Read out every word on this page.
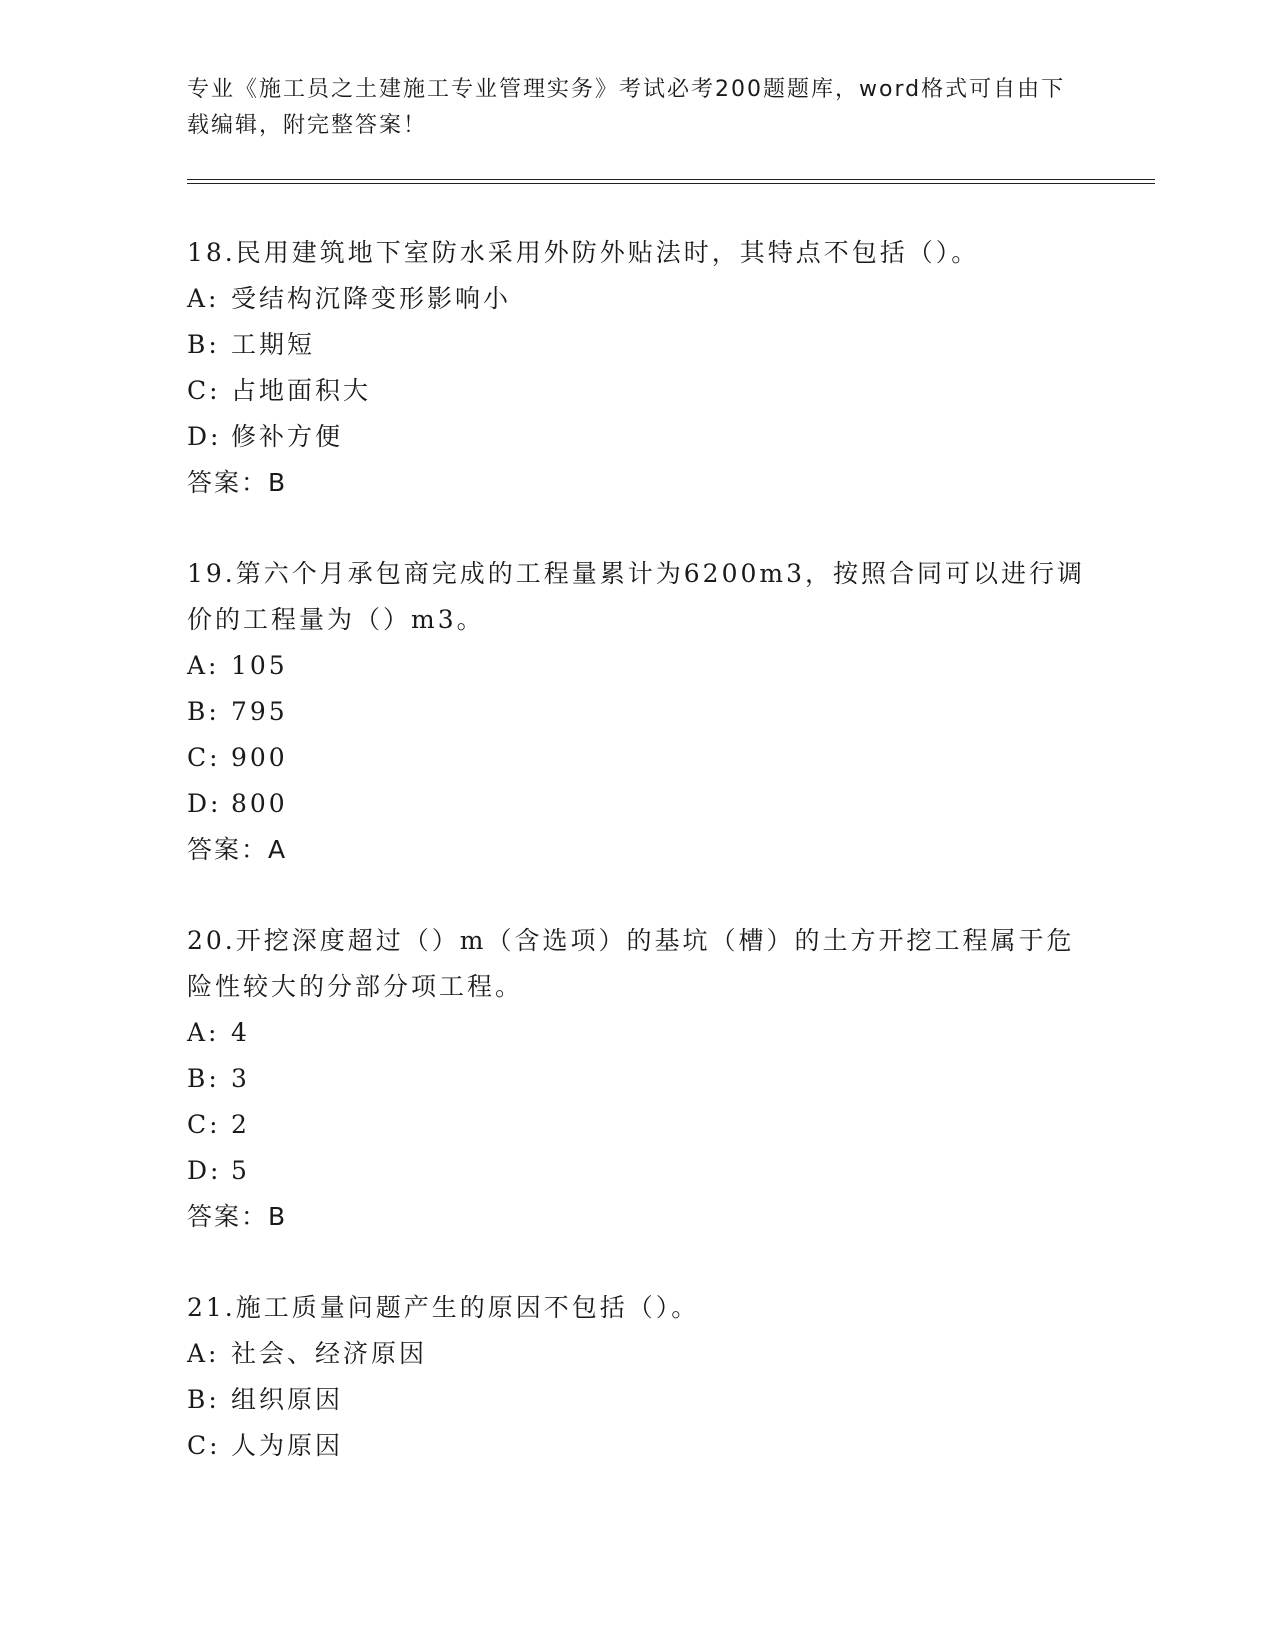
专业《施工员之土建施工专业管理实务》考试必考200题题库，word格式可自由下载编辑，附完整答案！
18.民用建筑地下室防水采用外防外贴法时，其特点不包括（）。
A: 受结构沉降变形影响小
B: 工期短
C: 占地面积大
D: 修补方便
答案：B
19.第六个月承包商完成的工程量累计为6200m3，按照合同可以进行调价的工程量为（）m3。
A: 105
B: 795
C: 900
D: 800
答案：A
20.开挖深度超过（）m（含选项）的基坑（槽）的土方开挖工程属于危险性较大的分部分项工程。
A: 4
B: 3
C: 2
D: 5
答案：B
21.施工质量问题产生的原因不包括（）。
A: 社会、经济原因
B: 组织原因
C: 人为原因
